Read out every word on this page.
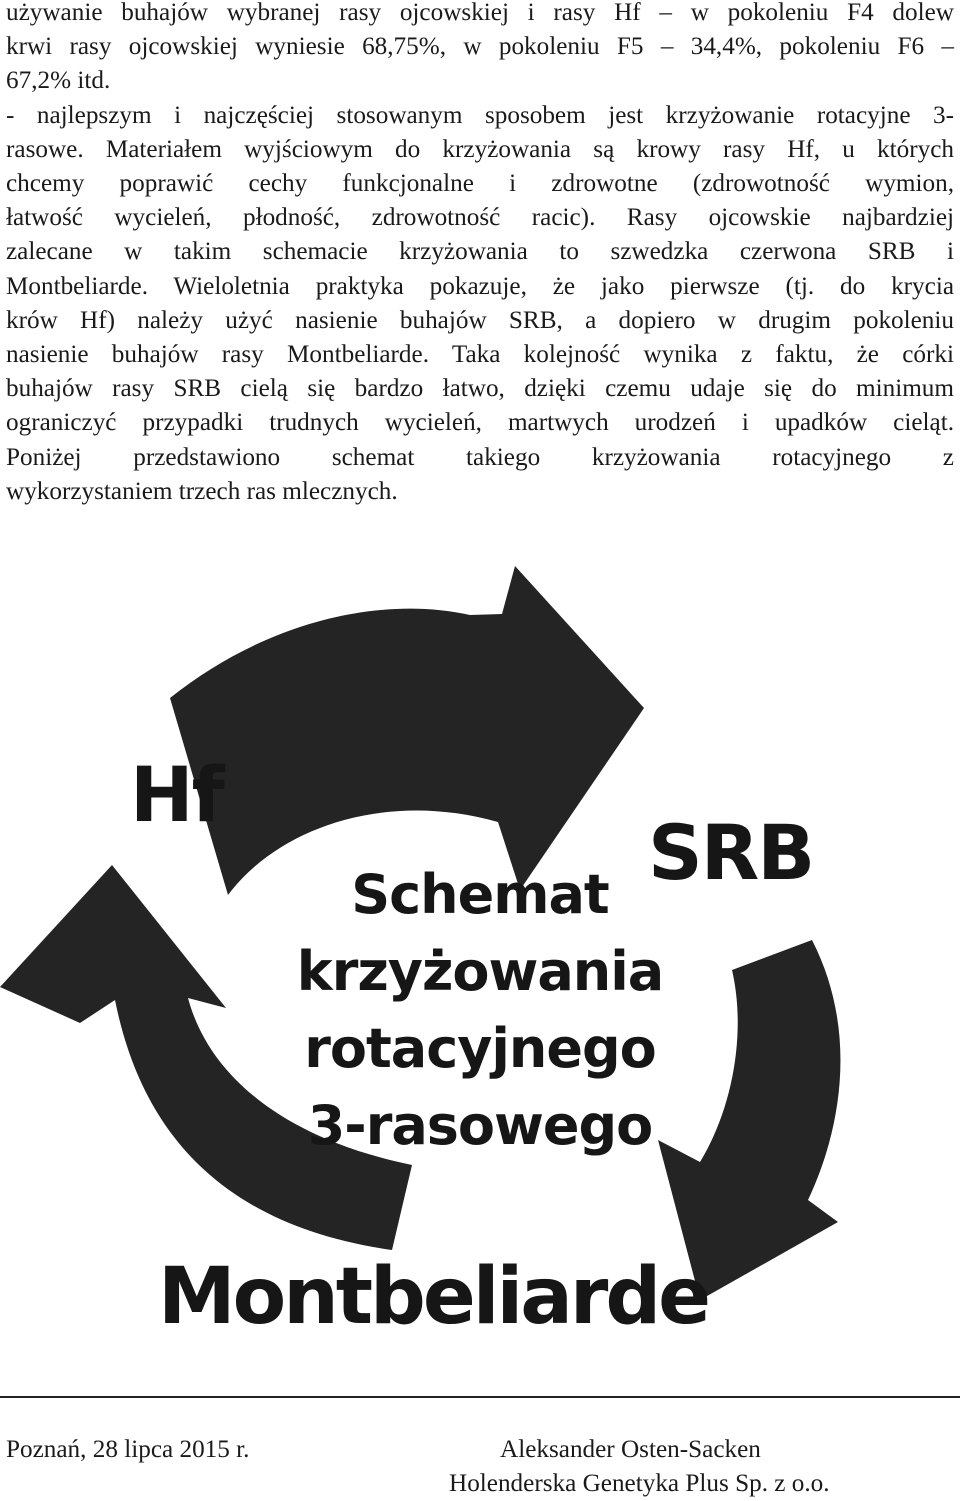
używanie buhajów wybranej rasy ojcowskiej i rasy Hf – w pokoleniu F4 dolew
krwi rasy ojcowskiej wyniesie 68,75%, w pokoleniu F5 – 34,4%, pokoleniu F6 –
67,2% itd.

- najlepszym i najczęściej stosowanym sposobem jest krzyżowanie rotacyjne 3-
rasowe. Materiałem wyjściowym do krzyżowania są krowy rasy Hf, u których
chcemy poprawić cechy funkcjonalne i zdrowotne (zdrowotność wymion,
łatwość wycieleń, płodność, zdrowotność racic). Rasy ojcowskie najbardziej
zalecane w takim schemacie krzyżowania to szwedzka czerwona SRB i
Montbeliarde. Wieloletnia praktyka pokazuje, że jako pierwsze (tj. do krycia
krów Hf) należy użyć nasienie buhajów SRB, a dopiero w drugim pokoleniu
nasienie buhajów rasy Montbeliarde. Taka kolejność wynika z faktu, że córki
buhajów rasy SRB cielą się bardzo łatwo, dzięki czemu udaje się do minimum
ograniczyć przypadki trudnych wycieleń, martwych urodzeń i upadków cieląt.
Poniżej przedstawiono schemat takiego krzyżowania rotacyjnego z
wykorzystaniem trzech ras mlecznych.

Hf
SRB
Montbeliarde
Schemat
krzyżowania
rotacyjnego
3-rasowego
Poznań, 28 lipca 2015 r.	Aleksander Osten-Sacken
Holenderska Genetyka Plus Sp. z o.o.
